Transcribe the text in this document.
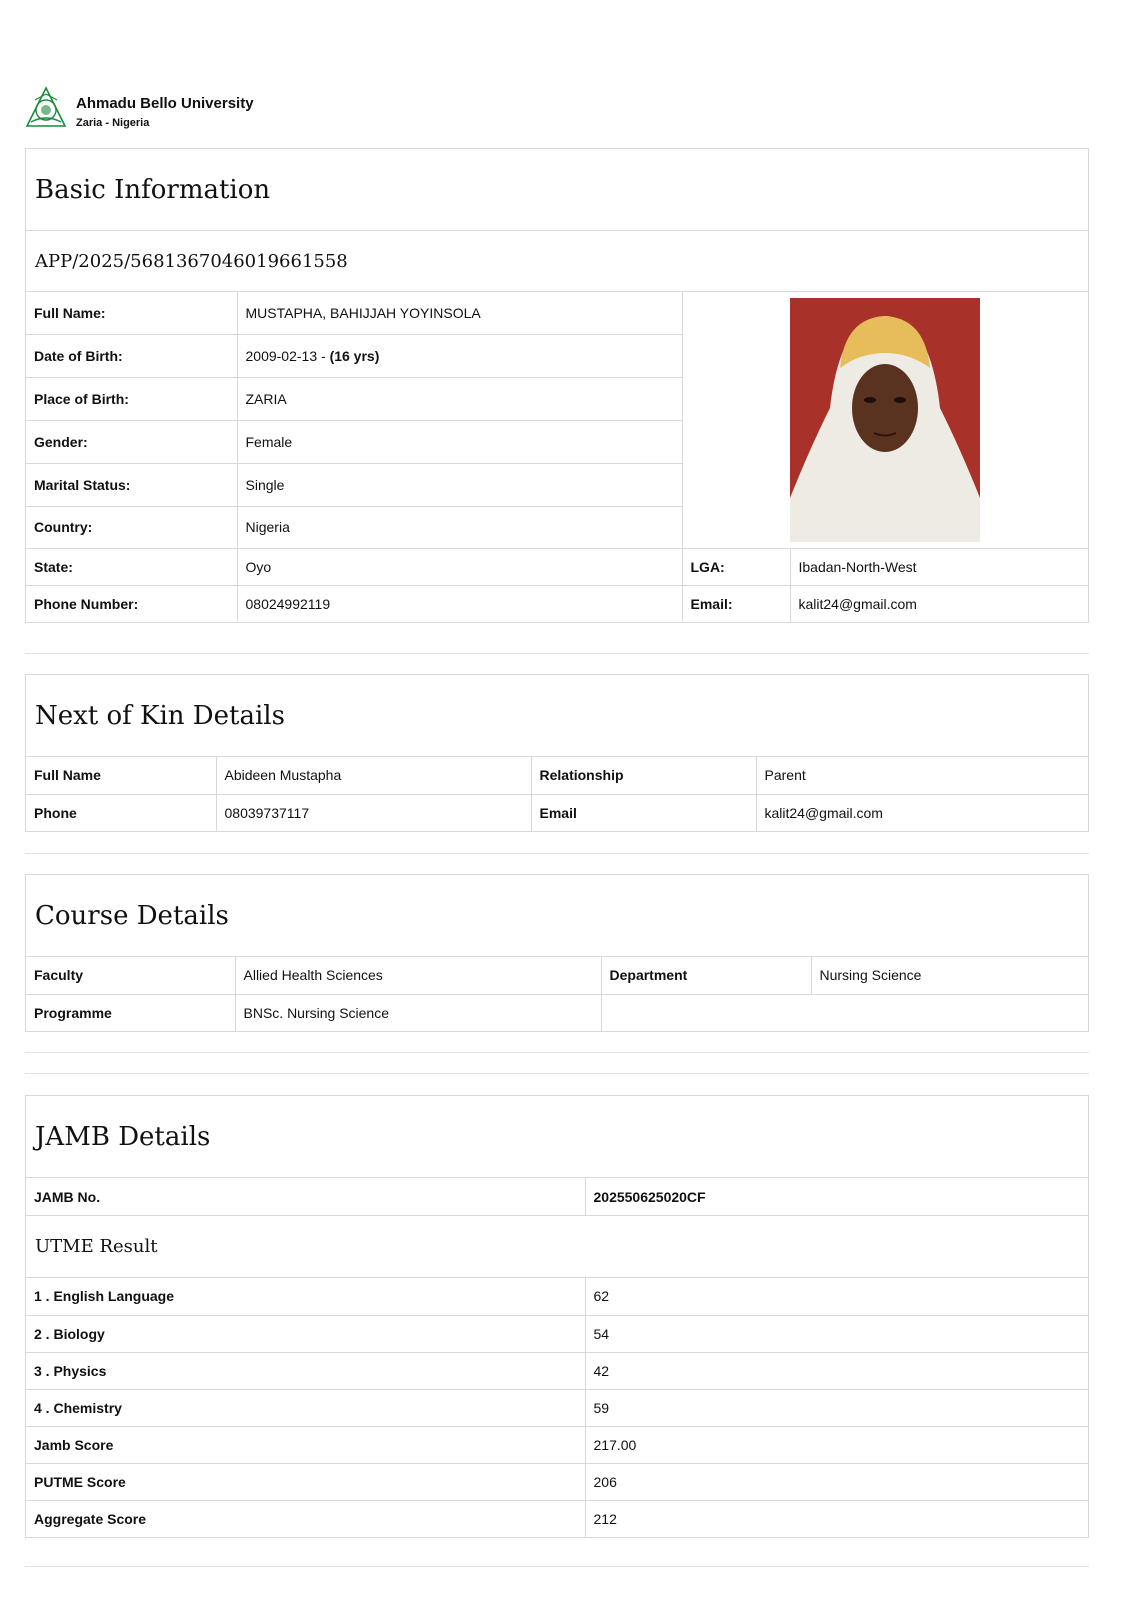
Ahmadu Bello University
Zaria - Nigeria
Basic Information
APP/2025/5681367046019661558
Full Name:	MUSTAPHA, BAHIJJAH YOYINSOLA	
Date of Birth:	2009-02-13 - (16 yrs)		
Place of Birth:	ZARIA		
Gender:	Female		
Marital Status:	Single		
Country:	Nigeria		
State:	Oyo	LGA:	Ibadan-North-West
Phone Number:	08024992119	Email:	kalit24@gmail.com
Next of Kin Details
Full Name	Abideen Mustapha	Relationship	Parent
Phone	08039737117	Email	kalit24@gmail.com
Course Details
Faculty	Allied Health Sciences	Department	Nursing Science
Programme	BNSc. Nursing Science		
JAMB Details
JAMB No.	202550625020CF
UTME Result
1 . English Language	62
2 . Biology	54
3 . Physics	42
4 . Chemistry	59
Jamb Score	217.00
PUTME Score	206
Aggregate Score	212
